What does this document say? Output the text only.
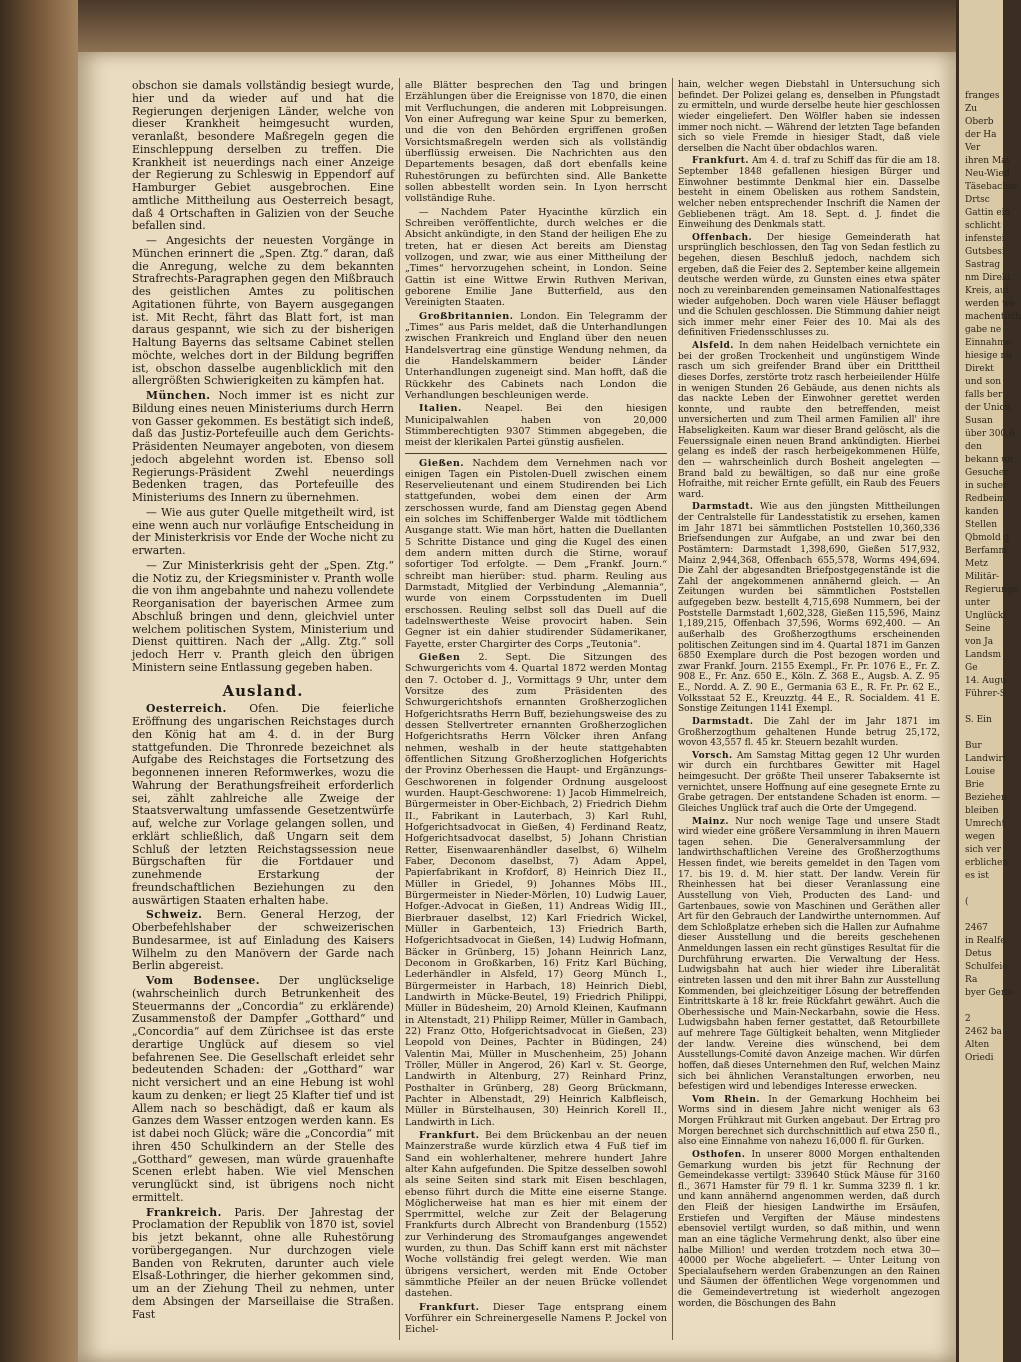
obschon sie damals vollständig besiegt wurde, hier und da wieder auf und hat die Regierungen derjenigen Länder, welche von dieser Krankheit heimgesucht wurden, veranlaßt, besondere Maßregeln gegen die Einschleppung derselben zu treffen. Die Krankheit ist neuerdings nach einer Anzeige der Regierung zu Schleswig in Eppendorf auf Hamburger Gebiet ausgebrochen. Eine amtliche Mittheilung aus Oesterreich besagt, daß 4 Ortschaften in Galizien von der Seuche befallen sind.

— Angesichts der neuesten Vorgänge in München erinnert die „Spen. Ztg.“ daran, daß die Anregung, welche zu dem bekannten Strafrechts-Paragraphen gegen den Mißbrauch des geistlichen Amtes zu politischen Agitationen führte, von Bayern ausgegangen ist. Mit Recht, fährt das Blatt fort, ist man daraus gespannt, wie sich zu der bisherigen Haltung Bayerns das seltsame Cabinet stellen möchte, welches dort in der Bildung begriffen ist, obschon dasselbe augenblicklich mit den allergrößten Schwierigkeiten zu kämpfen hat.

München. Noch immer ist es nicht zur Bildung eines neuen Ministeriums durch Herrn von Gasser gekommen. Es bestätigt sich indeß, daß das Justiz-Portefeuille auch dem Gerichts-Präsidenten Neumayer angeboten, von diesem jedoch abgelehnt worden ist. Ebenso soll Regierungs-Präsident Zwehl neuerdings Bedenken tragen, das Portefeuille des Ministeriums des Innern zu übernehmen.

— Wie aus guter Quelle mitgetheilt wird, ist eine wenn auch nur vorläufige Entscheidung in der Ministerkrisis vor Ende der Woche nicht zu erwarten.

— Zur Ministerkrisis geht der „Spen. Ztg.“ die Notiz zu, der Kriegsminister v. Pranth wolle die von ihm angebahnte und nahezu vollendete Reorganisation der bayerischen Armee zum Abschluß bringen und denn, gleichviel unter welchem politischen System, Ministerium und Dienst quittiren. Nach der „Allg. Ztg.“ soll jedoch Herr v. Pranth gleich den übrigen Ministern seine Entlassung gegeben haben.

Ausland.

Oesterreich. Ofen. Die feierliche Eröffnung des ungarischen Reichstages durch den König hat am 4. d. in der Burg stattgefunden. Die Thronrede bezeichnet als Aufgabe des Reichstages die Fortsetzung des begonnenen inneren Reformwerkes, wozu die Wahrung der Berathungsfreiheit erforderlich sei, zählt zahlreiche alle Zweige der Staatsverwaltung umfassende Gesetzentwürfe auf, welche zur Vorlage gelangen sollen, und erklärt schließlich, daß Ungarn seit dem Schluß der letzten Reichstagssession neue Bürgschaften für die Fortdauer und zunehmende Erstarkung der freundschaftlichen Beziehungen zu den auswärtigen Staaten erhalten habe.

Schweiz. Bern. General Herzog, der Oberbefehlshaber der schweizerischen Bundesarmee, ist auf Einladung des Kaisers Wilhelm zu den Manövern der Garde nach Berlin abgereist.

Vom Bodensee. Der unglückselige (wahrscheinlich durch Betrunkenheit des Steuermanns der „Concordia“ zu erklärende) Zusammenstoß der Dampfer „Gotthard“ und „Concordia“ auf dem Zürichsee ist das erste derartige Unglück auf diesem so viel befahrenen See. Die Gesellschaft erleidet sehr bedeutenden Schaden: der „Gotthard“ war nicht versichert und an eine Hebung ist wohl kaum zu denken; er liegt 25 Klafter tief und ist Allem nach so beschädigt, daß er kaum als Ganzes dem Wasser entzogen werden kann. Es ist dabei noch Glück; wäre die „Concordia“ mit ihren 450 Schulkindern an der Stelle des „Gotthard“ gewesen, man würde grauenhafte Scenen erlebt haben. Wie viel Menschen verunglückt sind, ist übrigens noch nicht ermittelt.

Frankreich. Paris. Der Jahrestag der Proclamation der Republik von 1870 ist, soviel bis jetzt bekannt, ohne alle Ruhestörung vorübergegangen. Nur durchzogen viele Banden von Rekruten, darunter auch viele Elsaß-Lothringer, die hierher gekommen sind, um an der Ziehung Theil zu nehmen, unter dem Absingen der Marseillaise die Straßen. Fast

alle Blätter besprechen den Tag und bringen Erzählungen über die Ereignisse von 1870, die einen mit Verfluchungen, die anderen mit Lobpreisungen. Von einer Aufregung war keine Spur zu bemerken, und die von den Behörden ergriffenen großen Vorsichtsmaßregeln werden sich als vollständig überflüssig erweisen. Die Nachrichten aus den Departements besagen, daß dort ebenfalls keine Ruhestörungen zu befürchten sind. Alle Bankette sollen abbestellt worden sein. In Lyon herrscht vollständige Ruhe.

— Nachdem Pater Hyacinthe kürzlich ein Schreiben veröffentlichte, durch welches er die Absicht ankündigte, in den Stand der heiligen Ehe zu treten, hat er diesen Act bereits am Dienstag vollzogen, und zwar, wie aus einer Mittheilung der „Times“ hervorzugehen scheint, in London. Seine Gattin ist eine Wittwe Erwin Ruthven Merivan, geborene Emilie Jane Butterfield, aus den Vereinigten Staaten.

Großbritannien. London. Ein Telegramm der „Times“ aus Paris meldet, daß die Unterhandlungen zwischen Frankreich und England über den neuen Handelsvertrag eine günstige Wendung nehmen, da die Handelskammern beider Länder Unterhandlungen zugeneigt sind. Man hofft, daß die Rückkehr des Cabinets nach London die Verhandlungen beschleunigen werde.

Italien. Neapel. Bei den hiesigen Municipalwahlen haben von 20,000 Stimmberechtigten 9307 Stimmen abgegeben, die meist der klerikalen Partei günstig ausfielen.

Gießen. Nachdem dem Vernehmen nach vor einigen Tagen ein Pistolen-Duell zwischen einem Reservelieutenant und einem Studirenden bei Lich stattgefunden, wobei dem einen der Arm zerschossen wurde, fand am Dienstag gegen Abend ein solches im Schiffenberger Walde mit tödtlichem Ausgange statt. Wie man hört, hatten die Duellanten 5 Schritte Distance und ging die Kugel des einen dem andern mitten durch die Stirne, worauf sofortiger Tod erfolgte. — Dem „Frankf. Journ.“ schreibt man hierüber: stud. pharm. Reuling aus Darmstadt, Mitglied der Verbindung „Alemannia“, wurde von einem Corpsstudenten im Duell erschossen. Reuling selbst soll das Duell auf die tadelnswertheste Weise provocirt haben. Sein Gegner ist ein dahier studirender Südamerikaner, Fayette, erster Chargirter des Corps „Teutonia“.

Gießen 2. Sept. Die Sitzungen des Schwurgerichts vom 4. Quartal 1872 werden Montag den 7. October d. J., Vormittags 9 Uhr, unter dem Vorsitze des zum Präsidenten des Schwurgerichtshofs ernannten Großherzoglichen Hofgerichtsraths Herrn Buff, beziehungsweise des zu dessen Stellvertreter ernannten Großherzoglichen Hofgerichtsraths Herrn Völcker ihren Anfang nehmen, weshalb in der heute stattgehabten öffentlichen Sitzung Großherzoglichen Hofgerichts der Provinz Oberhessen die Haupt- und Ergänzungs-Geschworenen in folgender Ordnung ausgeloost wurden. Haupt-Geschworene: 1) Jacob Himmelreich, Bürgermeister in Ober-Eichbach, 2) Friedrich Diehm II., Fabrikant in Lauterbach, 3) Karl Ruhl, Hofgerichtsadvocat in Gießen, 4) Ferdinand Reatz, Hofgerichtsadvocat daselbst, 5) Johann Christian Retter, Eisenwaarenhändler daselbst, 6) Wilhelm Faber, Deconom daselbst, 7) Adam Appel, Papierfabrikant in Krofdorf, 8) Heinrich Diez II., Müller in Griedel, 9) Johannes Möbs III., Bürgermeister in Nieder-Mörlen, 10) Ludwig Lauer, Hofger.-Advocat in Gießen, 11) Andreas Widig III., Bierbrauer daselbst, 12) Karl Friedrich Wickel, Müller in Garbenteich, 13) Friedrich Barth, Hofgerichtsadvocat in Gießen, 14) Ludwig Hofmann, Bäcker in Grünberg, 15) Johann Heinrich Lanz, Deconom in Großkarben, 16) Fritz Karl Büching, Lederhändler in Alsfeld, 17) Georg Münch I., Bürgermeister in Harbach, 18) Heinrich Diebl, Landwirth in Mücke-Beutel, 19) Friedrich Philippi, Müller in Büdesheim, 20) Arnold Kleinen, Kaufmann in Altenstadt, 21) Philipp Reimer, Müller in Gambach, 22) Franz Otto, Hofgerichtsadvocat in Gießen, 23) Leopold von Deines, Pachter in Büdingen, 24) Valentin Mai, Müller in Muschenheim, 25) Johann Tröller, Müller in Angerod, 26) Karl v. St. George, Landwirth in Altenburg, 27) Reinhard Prinz, Posthalter in Grünberg, 28) Georg Brückmann, Pachter in Albenstadt, 29) Heinrich Kalbfleisch, Müller in Bürstelhausen, 30) Heinrich Korell II., Landwirth in Lich.

Frankfurt. Bei dem Brückenbau an der neuen Mainzerstraße wurde kürzlich etwa 4 Fuß tief im Sand ein wohlerhaltener, mehrere hundert Jahre alter Kahn aufgefunden. Die Spitze desselben sowohl als seine Seiten sind stark mit Eisen beschlagen, ebenso führt durch die Mitte eine eiserne Stange. Möglicherweise hat man es hier mit einem der Sperrmittel, welche zur Zeit der Belagerung Frankfurts durch Albrecht von Brandenburg (1552) zur Verhinderung des Stromaufganges angewendet wurden, zu thun. Das Schiff kann erst mit nächster Woche vollständig frei gelegt werden. Wie man übrigens versichert, werden mit Ende October sämmtliche Pfeiler an der neuen Brücke vollendet dastehen.

Frankfurt. Dieser Tage entsprang einem Vorführer ein Schreinergeselle Namens P. Jockel von Eichel-

hain, welcher wegen Diebstahl in Untersuchung sich befindet. Der Polizei gelang es, denselben in Pfungstadt zu ermitteln, und wurde derselbe heute hier geschlossen wieder eingeliefert. Den Wölfler haben sie indessen immer noch nicht. — Während der letzten Tage befanden sich so viele Fremde in hiesiger Stadt, daß viele derselben die Nacht über obdachlos waren.

Frankfurt. Am 4. d. traf zu Schiff das für die am 18. September 1848 gefallenen hiesigen Bürger und Einwohner bestimmte Denkmal hier ein. Dasselbe besteht in einem Obelisken aus rothem Sandstein, welcher neben entsprechender Inschrift die Namen der Gebliebenen trägt. Am 18. Sept. d. J. findet die Einweihung des Denkmals statt.

Offenbach. Der hiesige Gemeinderath hat ursprünglich beschlossen, den Tag von Sedan festlich zu begehen, diesen Beschluß jedoch, nachdem sich ergeben, daß die Feier des 2. September keine allgemein deutsche werden würde, zu Gunsten eines etwa später noch zu vereinbarenden gemeinsamen Nationalfesttages wieder aufgehoben. Doch waren viele Häuser beflaggt und die Schulen geschlossen. Die Stimmung dahier neigt sich immer mehr einer Feier des 10. Mai als des definitiven Friedensschlusses zu.

Alsfeld. In dem nahen Heidelbach vernichtete ein bei der großen Trockenheit und ungünstigem Winde rasch um sich greifender Brand über ein Dritttheil dieses Dorfes, zerstörte trotz rasch herbeieilender Hülfe in wenigen Stunden 26 Gebäude, aus denen nichts als das nackte Leben der Einwohner gerettet werden konnte, und raubte den betreffenden, meist unversicherten und zum Theil armen Familien all' ihre Habseligkeiten. Kaum war dieser Brand gelöscht, als die Feuerssignale einen neuen Brand ankündigten. Hierbei gelang es indeß der rasch herbeigekommenen Hülfe, den — wahrscheinlich durch Bosheit angelegten — Brand bald zu bewältigen, so daß nur eine große Hofraithe, mit reicher Ernte gefüllt, ein Raub des Feuers ward.

Darmstadt. Wie aus den jüngsten Mittheilungen der Centralstelle für Landesstatistik zu ersehen, kamen im Jahr 1871 bei sämmtlichen Poststellen 10,360,336 Briefsendungen zur Aufgabe, an und zwar bei den Postämtern: Darmstadt 1,398,690, Gießen 517,932, Mainz 2,944,368, Offenbach 655,578, Worms 494,694. Die Zahl der abgesandten Briefpostgegenstände ist die Zahl der angekommenen annähernd gleich. — An Zeitungen wurden bei sämmtlichen Poststellen aufgegeben bezw. bestellt 4,715,698 Nummern, bei der Poststelle Darmstadt 1,602,328, Gießen 115,596, Mainz 1,189,215, Offenbach 37,596, Worms 692,400. — An außerhalb des Großherzogthums erscheinenden politischen Zeitungen sind im 4. Quartal 1871 im Ganzen 6850 Exemplare durch die Post bezogen worden und zwar Frankf. Journ. 2155 Exempl., Fr. Pr. 1076 E., Fr. Z. 908 E., Fr. Anz. 650 E., Köln. Z. 368 E., Augsb. A. Z. 95 E., Nordd. A. Z. 90 E., Germania 63 E., R. Fr. Pr. 62 E., Volksstaat 52 E., Kreuzztg. 44 E., R. Socialdem. 41 E. Sonstige Zeitungen 1141 Exempl.

Darmstadt. Die Zahl der im Jahr 1871 im Großherzogthum gehaltenen Hunde betrug 25,172, wovon 43,557 fl. 45 kr. Steuern bezahlt wurden.

Vorsch. Am Samstag Mittag gegen 12 Uhr wurden wir durch ein furchtbares Gewitter mit Hagel heimgesucht. Der größte Theil unserer Tabaksernte ist vernichtet, unsere Hoffnung auf eine gesegnete Ernte zu Grabe getragen. Der entstandene Schaden ist enorm. — Gleiches Unglück traf auch die Orte der Umgegend.

Mainz. Nur noch wenige Tage und unsere Stadt wird wieder eine größere Versammlung in ihren Mauern tagen sehen. Die Generalversammlung der landwirthschaftlichen Vereine des Großherzogthums Hessen findet, wie bereits gemeldet in den Tagen vom 17. bis 19. d. M. hier statt. Der landw. Verein für Rheinhessen hat bei dieser Veranlassung eine Ausstellung von Vieh, Producten des Land- und Gartenbaues, sowie von Maschinen und Geräthen aller Art für den Gebrauch der Landwirthe unternommen. Auf dem Schloßplatze erheben sich die Hallen zur Aufnahme dieser Ausstellung und die bereits geschehenen Anmeldungen lassen ein recht günstiges Resultat für die Durchführung erwarten. Die Verwaltung der Hess. Ludwigsbahn hat auch hier wieder ihre Liberalität eintreten lassen und den mit ihrer Bahn zur Ausstellung Kommenden, bei gleichzeitiger Lösung der betreffenden Eintrittskarte à 18 kr. freie Rückfahrt gewährt. Auch die Oberhessische und Main-Neckarbahn, sowie die Hess. Ludwigsbahn haben ferner gestattet, daß Retourbillete auf mehrere Tage Gültigkeit behalten, wenn Mitglieder der landw. Vereine dies wünschend, bei dem Ausstellungs-Comité davon Anzeige machen. Wir dürfen hoffen, daß dieses Unternehmen den Ruf, welchen Mainz sich bei ähnlichen Veranstaltungen erworben, neu befestigen wird und lebendiges Interesse erwecken.

Vom Rhein. In der Gemarkung Hochheim bei Worms sind in diesem Jahre nicht weniger als 63 Morgen Frühkraut mit Gurken angebaut. Der Ertrag pro Morgen berechnet sich durchschnittlich auf etwa 250 fl., also eine Einnahme von nahezu 16,000 fl. für Gurken.

Osthofen. In unserer 8000 Morgen enthaltenden Gemarkung wurden bis jetzt für Rechnung der Gemeindekasse vertilgt: 339640 Stück Mäuse für 3160 fl., 3671 Hamster für 79 fl. 1 kr. Summa 3239 fl. 1 kr. und kann annähernd angenommen werden, daß durch den Fleiß der hiesigen Landwirthe im Ersäufen, Erstiefen und Vergiften der Mäuse mindestens ebensoviel vertilgt wurden, so daß mithin, und wenn man an eine tägliche Vermehrung denkt, also über eine halbe Million! und werden trotzdem noch etwa 30—40000 per Woche abgeliefert. — Unter Leitung von Specialaufsehern werden Grabenzungen an den Rainen und Säumen der öffentlichen Wege vorgenommen und die Gemeindevertretung ist wiederholt angezogen worden, die Böschungen des Bahn

franges
Zu
Oberb
der Ha
Ver
ihren Mai
Neu-Wied
Täsebachor
Drtsc
Gattin ein
schlicht
infenstei
Gutsbesi
Sastrag
nm Direkt
Kreis, auf
werden we
machentlich
gabe ne
Einnahme
hiesige nu
Direkt
und son
falls ber
der Union
Susan
über 300,0
den
bekann un
Gesucher
in sucher
Redbeim
kanden
Stellen
Qbmold g
Berfamm
Metz
Militär-
Regierungs
unter
Unglückl
Seine
von Ja
Landsm
Ge
14. Augu
Führer-S

S. Ein

Bur
Landwirt
Louise
Brie
Beziehen
bleiben
Umrecht
wegen
sich ver
erblichen
es ist

(

2467
in Realfe
Detus
Schulfeie
Ra
byer Gerie

2
2462 ba
Alten
Oriedi
